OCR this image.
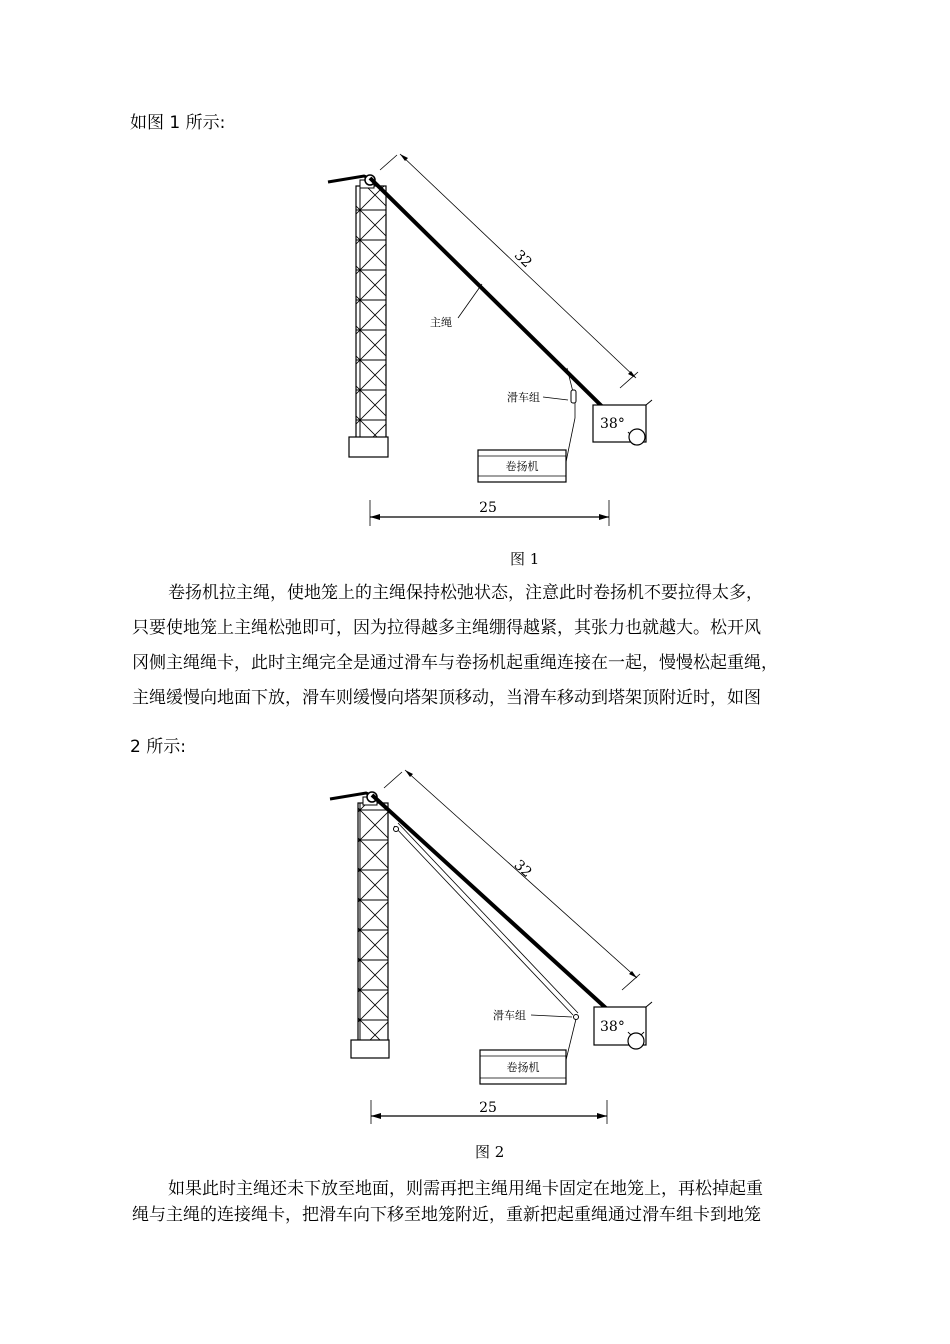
如图 1 所示:
32
主绳
滑车组
38°
卷扬机
25
32
滑车组
38°
卷扬机
25
图 1
图 2
卷扬机拉主绳，使地笼上的主绳保持松弛状态，注意此时卷扬机不要拉得太多，
只要使地笼上主绳松弛即可，因为拉得越多主绳绷得越紧，其张力也就越大。松开风
冈侧主绳绳卡，此时主绳完全是通过滑车与卷扬机起重绳连接在一起，慢慢松起重绳，
主绳缓慢向地面下放，滑车则缓慢向塔架顶移动，当滑车移动到塔架顶附近时，如图
2 所示:
如果此时主绳还未下放至地面，则需再把主绳用绳卡固定在地笼上，再松掉起重
绳与主绳的连接绳卡，把滑车向下移至地笼附近，重新把起重绳通过滑车组卡到地笼
